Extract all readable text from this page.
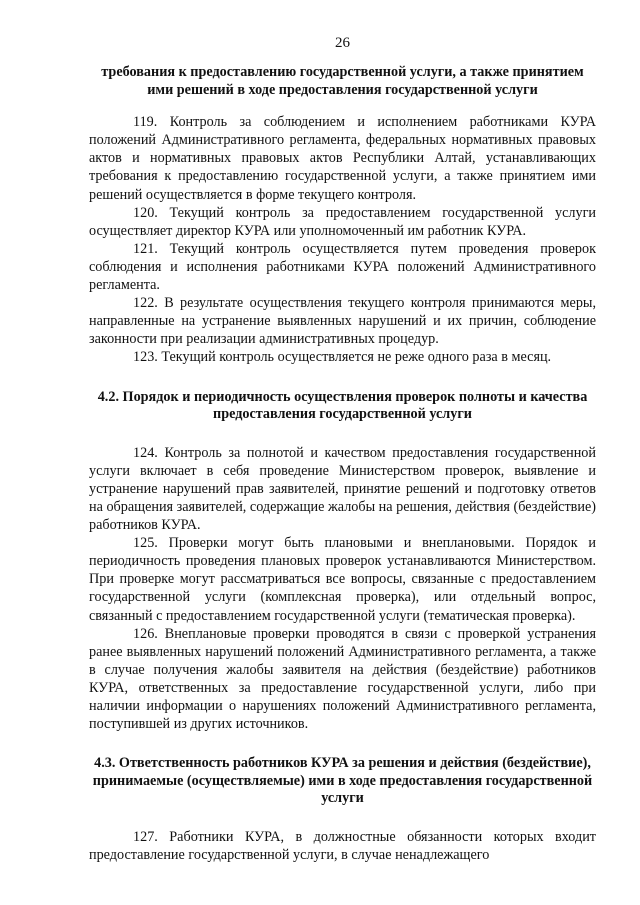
26
требования к предоставлению государственной услуги, а также принятием ими решений в ходе предоставления государственной услуги

119. Контроль за соблюдением и исполнением работниками КУРА положений Административного регламента, федеральных нормативных правовых актов и нормативных правовых актов Республики Алтай, устанавливающих требования к предоставлению государственной услуги, а также принятием ими решений осуществляется в форме текущего контроля.

120. Текущий контроль за предоставлением государственной услуги осуществляет директор КУРА или уполномоченный им работник КУРА.

121. Текущий контроль осуществляется путем проведения проверок соблюдения и исполнения работниками КУРА положений Административного регламента.

122. В результате осуществления текущего контроля принимаются меры, направленные на устранение выявленных нарушений и их причин, соблюдение законности при реализации административных процедур.

123. Текущий контроль осуществляется не реже одного раза в месяц.

4.2. Порядок и периодичность осуществления проверок полноты и качества предоставления государственной услуги

124. Контроль за полнотой и качеством предоставления государственной услуги включает в себя проведение Министерством проверок, выявление и устранение нарушений прав заявителей, принятие решений и подготовку ответов на обращения заявителей, содержащие жалобы на решения, действия (бездействие) работников КУРА.

125. Проверки могут быть плановыми и внеплановыми. Порядок и периодичность проведения плановых проверок устанавливаются Министерством. При проверке могут рассматриваться все вопросы, связанные с предоставлением государственной услуги (комплексная проверка), или отдельный вопрос, связанный с предоставлением государственной услуги (тематическая проверка).

126. Внеплановые проверки проводятся в связи с проверкой устранения ранее выявленных нарушений положений Административного регламента, а также в случае получения жалобы заявителя на действия (бездействие) работников КУРА, ответственных за предоставление государственной услуги, либо при наличии информации о нарушениях положений Административного регламента, поступившей из других источников.

4.3. Ответственность работников КУРА за решения и действия (бездействие), принимаемые (осуществляемые) ими в ходе предоставления государственной услуги

127. Работники КУРА, в должностные обязанности которых входит предоставление государственной услуги, в случае ненадлежащего
